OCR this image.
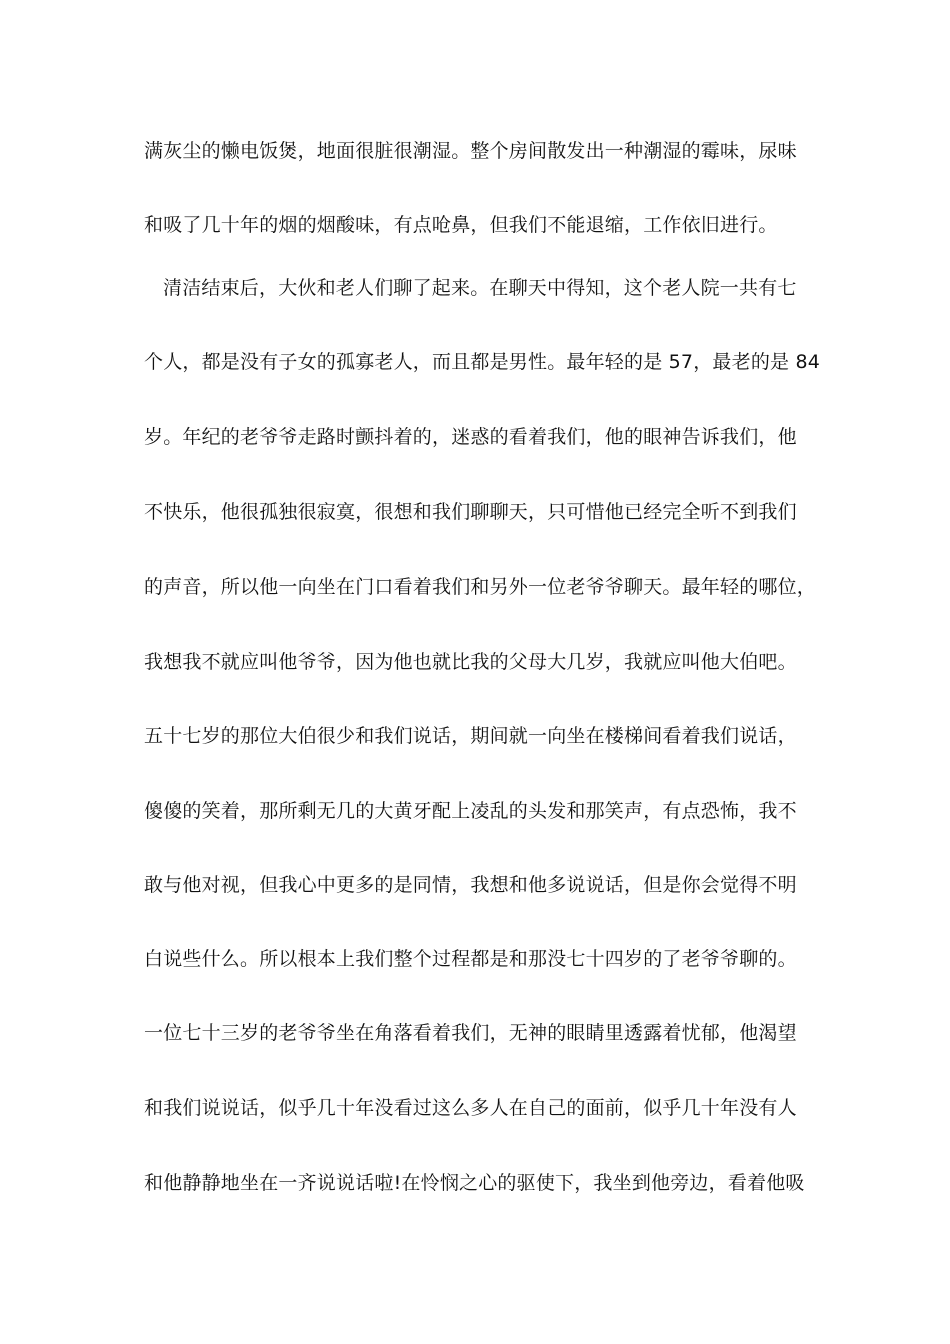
满灰尘的懒电饭煲，地面很脏很潮湿。整个房间散发出一种潮湿的霉味，尿味
和吸了几十年的烟的烟酸味，有点呛鼻，但我们不能退缩，工作依旧进行。
清洁结束后，大伙和老人们聊了起来。在聊天中得知，这个老人院一共有七
个人，都是没有子女的孤寡老人，而且都是男性。最年轻的是 57，最老的是 84
岁。年纪的老爷爷走路时颤抖着的，迷惑的看着我们，他的眼神告诉我们，他
不快乐，他很孤独很寂寞，很想和我们聊聊天，只可惜他已经完全听不到我们
的声音，所以他一向坐在门口看着我们和另外一位老爷爷聊天。最年轻的哪位，
我想我不就应叫他爷爷，因为他也就比我的父母大几岁，我就应叫他大伯吧。
五十七岁的那位大伯很少和我们说话，期间就一向坐在楼梯间看着我们说话，
傻傻的笑着，那所剩无几的大黄牙配上凌乱的头发和那笑声，有点恐怖，我不
敢与他对视，但我心中更多的是同情，我想和他多说说话，但是你会觉得不明
白说些什么。所以根本上我们整个过程都是和那没七十四岁的了老爷爷聊的。
一位七十三岁的老爷爷坐在角落看着我们，无神的眼睛里透露着忧郁，他渴望
和我们说说话，似乎几十年没看过这么多人在自己的面前，似乎几十年没有人
和他静静地坐在一齐说说话啦!在怜悯之心的驱使下，我坐到他旁边，看着他吸
